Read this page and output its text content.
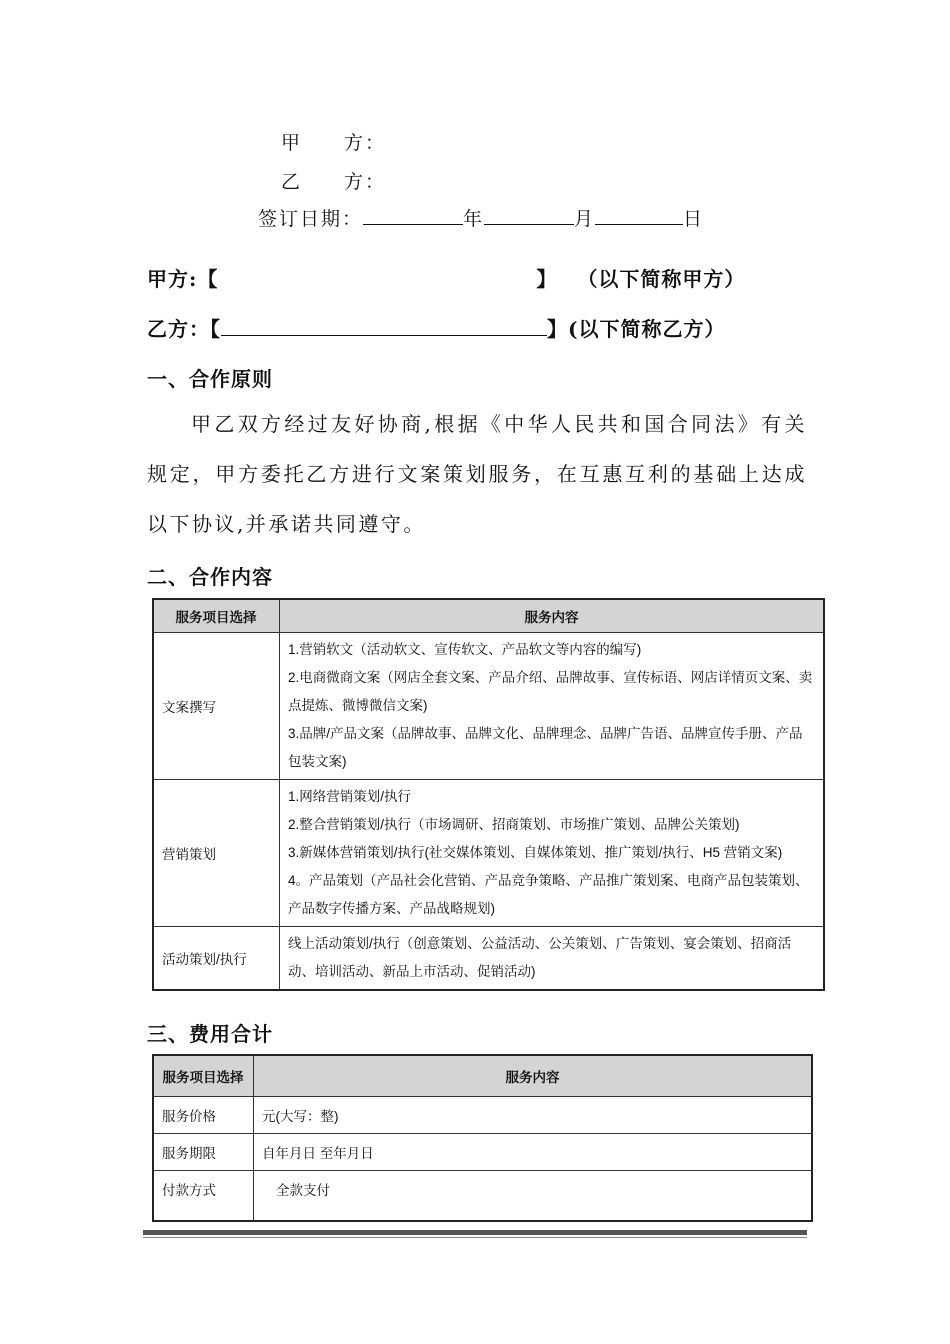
甲　　方：
乙　　方：
签订日期：	年	月	日
甲方:【	】 （以下简称甲方）
乙方：【	】(以下简称乙方）
一、合作原则
甲乙双方经过友好协商,根据《中华人民共和国合同法》有关规定，甲方委托乙方进行文案策划服务，在互惠互利的基础上达成以下协议,并承诺共同遵守。
二、合作内容
服务项目选择	服务内容
文案撰写	1.营销软文（活动软文、宣传软文、产品软文等内容的编写)
2.电商微商文案（网店全套文案、产品介绍、品牌故事、宣传标语、网店详情页文案、卖点提炼、微博微信文案)
3.品牌/产品文案（品牌故事、品牌文化、品牌理念、品牌广告语、品牌宣传手册、产品包装文案)

营销策划	1.网络营销策划/执行
2.整合营销策划/执行（市场调研、招商策划、市场推广策划、品牌公关策划)
3.新媒体营销策划/执行(社交媒体策划、自媒体策划、推广策划/执行、H5 营销文案)
4。产品策划（产品社会化营销、产品竞争策略、产品推广策划案、电商产品包装策划、产品数字传播方案、产品战略规划)

活动策划/执行	线上活动策划/执行（创意策划、公益活动、公关策划、广告策划、宴会策划、招商活动、培训活动、新品上市活动、促销活动)
三、费用合计
服务项目选择	服务内容
服务价格	元(大写：整)
服务期限	自年月日 至年月日
付款方式	全款支付
